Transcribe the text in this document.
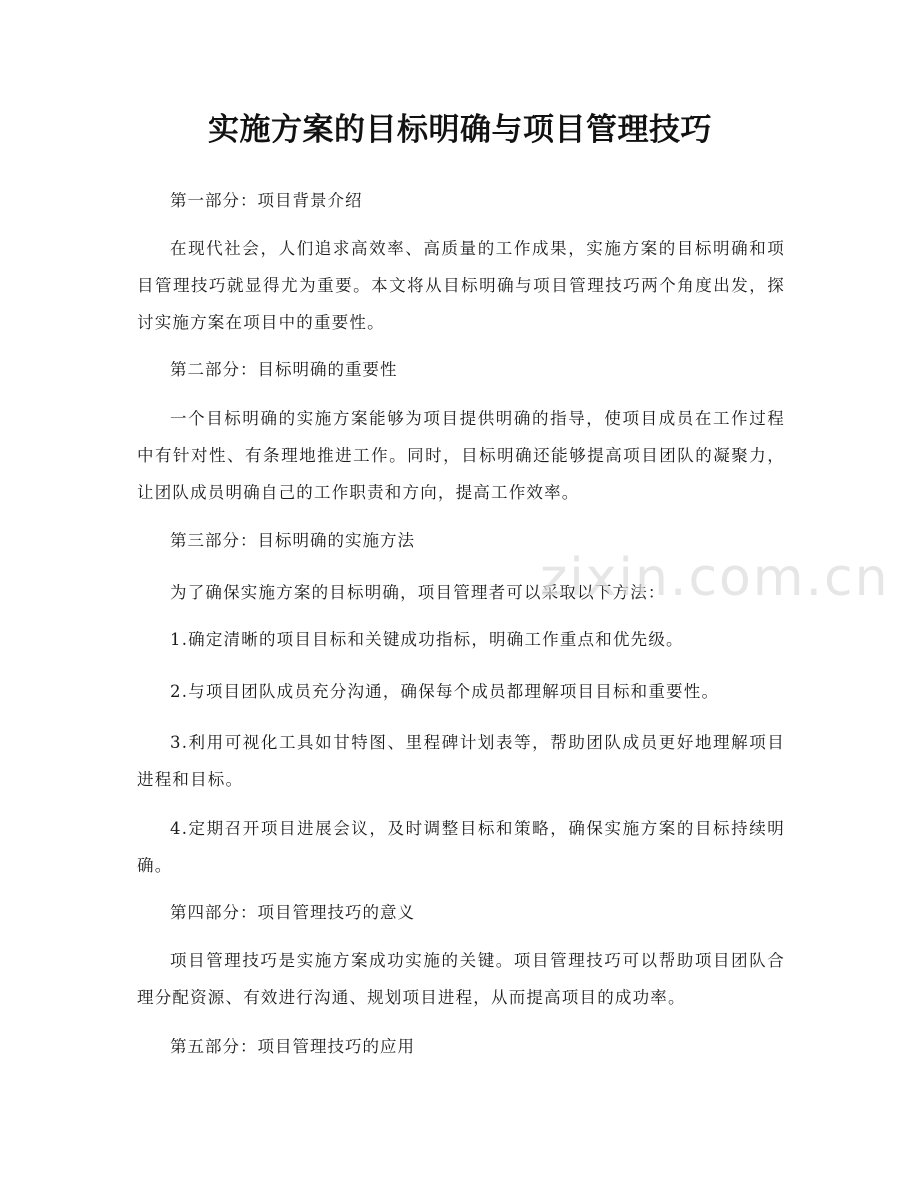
实施方案的目标明确与项目管理技巧

第一部分：项目背景介绍

在现代社会，人们追求高效率、高质量的工作成果，实施方案的目标明确和项目管理技巧就显得尤为重要。本文将从目标明确与项目管理技巧两个角度出发，探讨实施方案在项目中的重要性。

第二部分：目标明确的重要性

一个目标明确的实施方案能够为项目提供明确的指导，使项目成员在工作过程中有针对性、有条理地推进工作。同时，目标明确还能够提高项目团队的凝聚力，让团队成员明确自己的工作职责和方向，提高工作效率。

第三部分：目标明确的实施方法

为了确保实施方案的目标明确，项目管理者可以采取以下方法：

1.确定清晰的项目目标和关键成功指标，明确工作重点和优先级。

2.与项目团队成员充分沟通，确保每个成员都理解项目目标和重要性。

3.利用可视化工具如甘特图、里程碑计划表等，帮助团队成员更好地理解项目进程和目标。

4.定期召开项目进展会议，及时调整目标和策略，确保实施方案的目标持续明确。

第四部分：项目管理技巧的意义

项目管理技巧是实施方案成功实施的关键。项目管理技巧可以帮助项目团队合理分配资源、有效进行沟通、规划项目进程，从而提高项目的成功率。

第五部分：项目管理技巧的应用

zixin.com.cn
